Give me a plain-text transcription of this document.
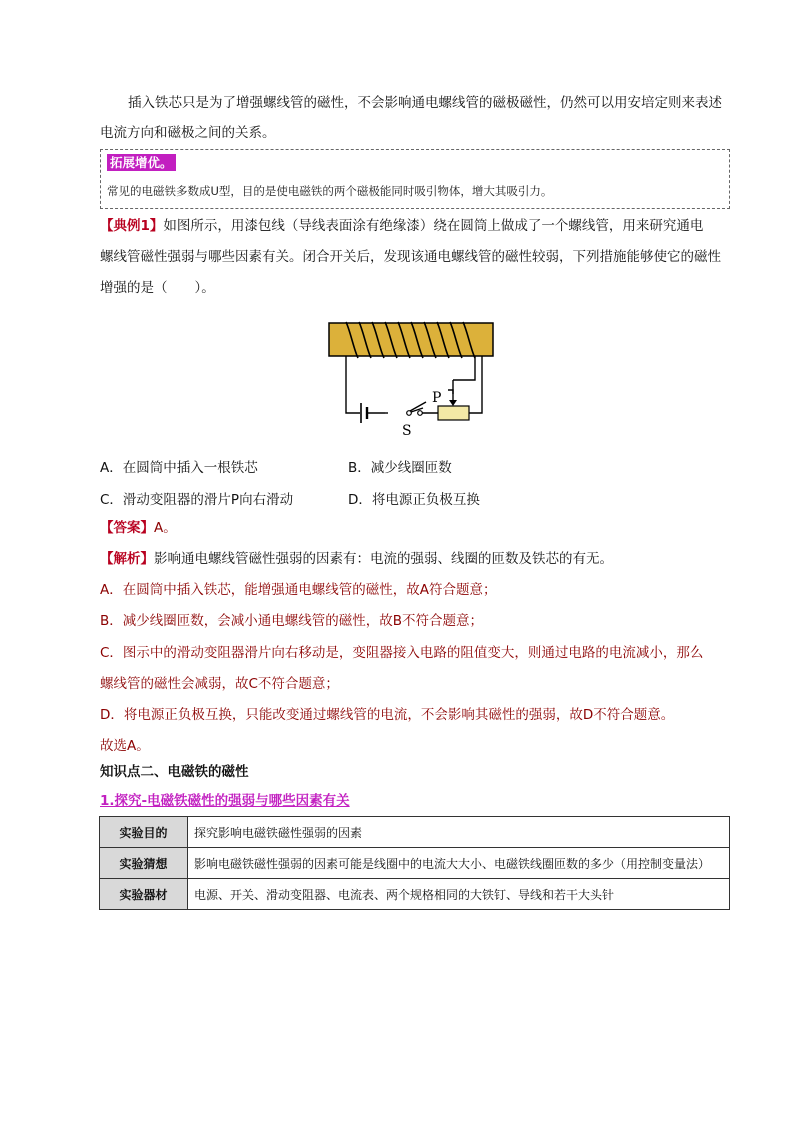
插入铁芯只是为了增强螺线管的磁性，不会影响通电螺线管的磁极磁性，仍然可以用安培定则来表述
电流方向和磁极之间的关系。
拓展增优。
常见的电磁铁多数成U型，目的是使电磁铁的两个磁极能同时吸引物体，增大其吸引力。
【典例1】如图所示，用漆包线（导线表面涂有绝缘漆）绕在圆筒上做成了一个螺线管，用来研究通电
螺线管磁性强弱与哪些因素有关。闭合开关后，发现该通电螺线管的磁性较弱，下列措施能够使它的磁性
增强的是（　　）。
P
S
A．在圆筒中插入一根铁芯	B．减少线圈匝数
C．滑动变阻器的滑片P向右滑动	D．将电源正负极互换
【答案】A。
【解析】影响通电螺线管磁性强弱的因素有：电流的强弱、线圈的匝数及铁芯的有无。
A．在圆筒中插入铁芯，能增强通电螺线管的磁性，故A符合题意；
B．减少线圈匝数，会减小通电螺线管的磁性，故B不符合题意；
C．图示中的滑动变阻器滑片向右移动是，变阻器接入电路的阻值变大，则通过电路的电流减小，那么
螺线管的磁性会减弱，故C不符合题意；
D．将电源正负极互换，只能改变通过螺线管的电流，不会影响其磁性的强弱，故D不符合题意。
故选A。
知识点二、电磁铁的磁性
1.探究-电磁铁磁性的强弱与哪些因素有关
实验目的	探究影响电磁铁磁性强弱的因素
实验猜想	影响电磁铁磁性强弱的因素可能是线圈中的电流大大小、电磁铁线圈匝数的多少（用控制变量法）
实验器材	电源、开关、滑动变阻器、电流表、两个规格相同的大铁钉、导线和若干大头针
